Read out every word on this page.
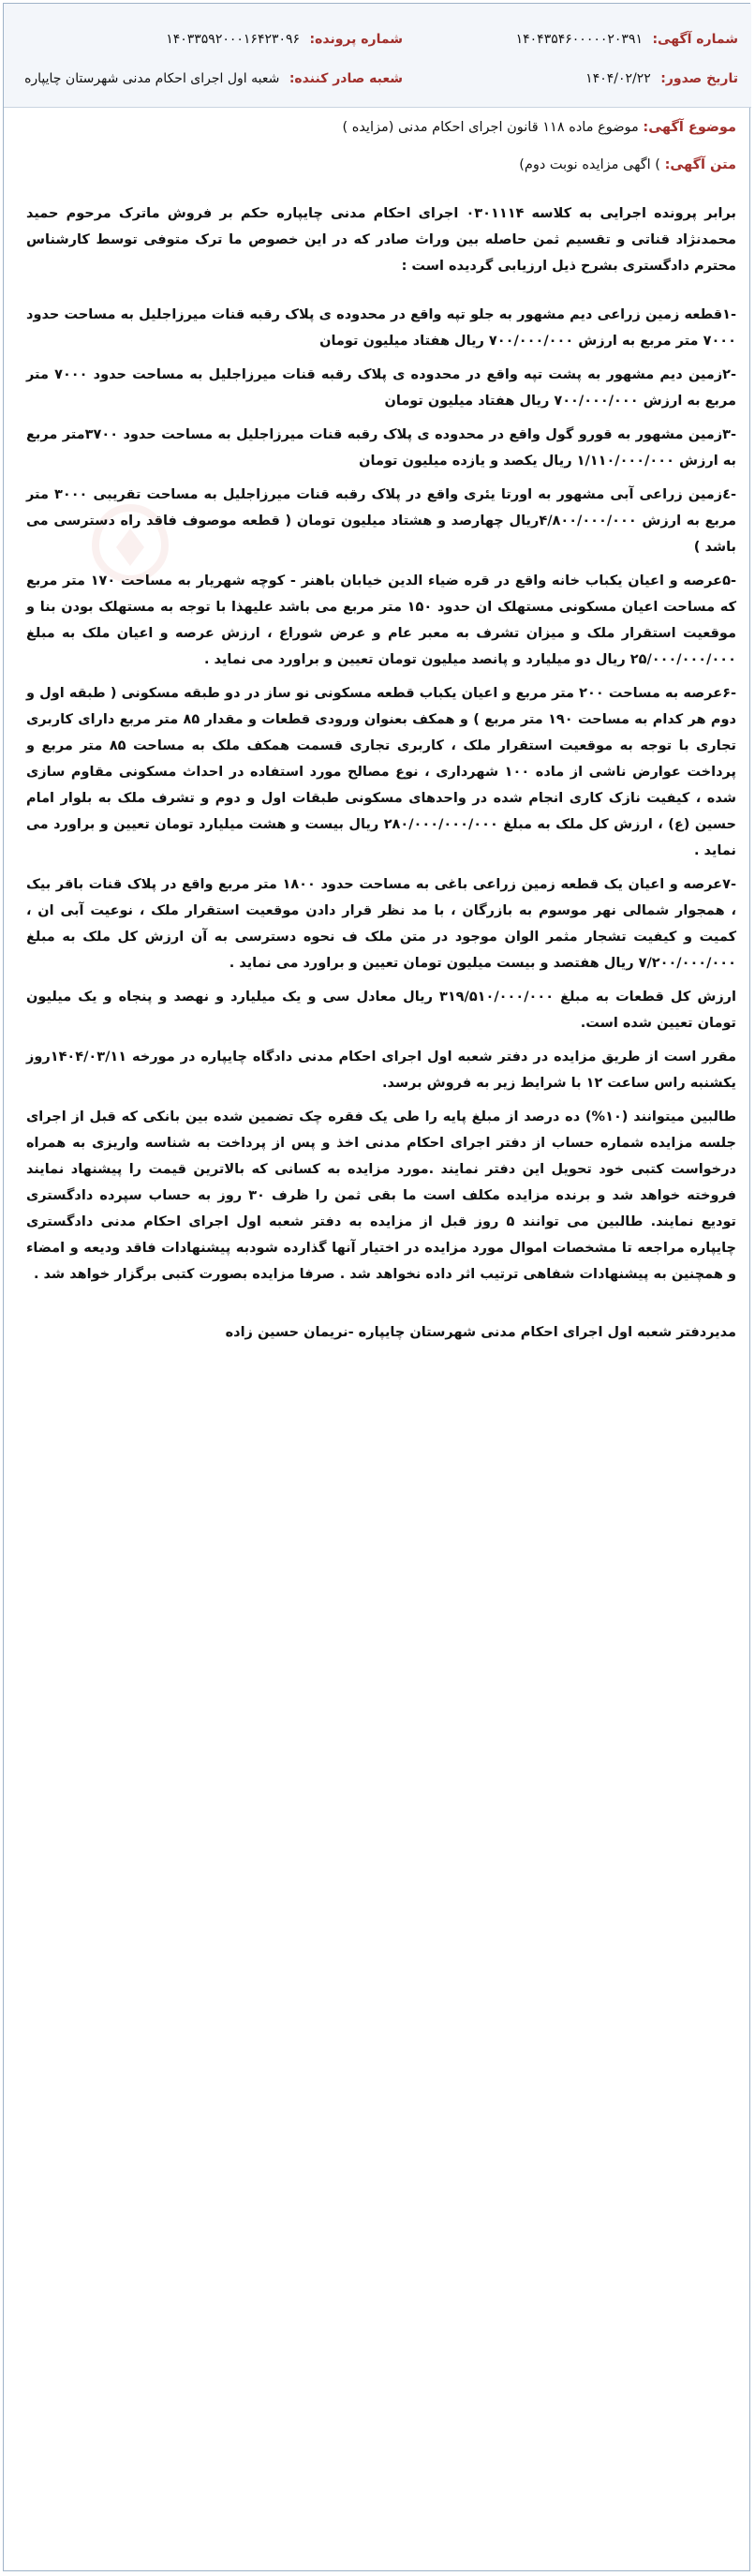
شماره آگهی: ۱۴۰۴۳۵۴۶۰۰۰۰۰۲۰۳۹۱
تاریخ صدور: ۱۴۰۴/۰۲/۲۲
شماره پرونده: ۱۴۰۳۳۵۹۲۰۰۰۱۶۴۲۳۰۹۶
شعبه صادر کننده: شعبه اول اجرای احکام مدنی شهرستان چایپاره
موضوع آگهی: موضوع ماده ۱۱۸ قانون اجرای احکام مدنی (مزایده )
متن آگهی: ) اگهی مزایده نوبت دوم)

برابر پرونده اجرایی به کلاسه ۰۳۰۱۱۱۴ اجرای احکام مدنی چایپاره حکم بر فروش ماترک مرحوم حمید محمدنژاد قناتی و تقسیم ثمن حاصله بین وراث صادر که در این خصوص ما ترک متوفی توسط کارشناس محترم دادگستری بشرح ذیل ارزیابی گردیده است :

-۱قطعه زمین زراعی دیم مشهور به جلو تپه واقع در محدوده ی پلاک رقبه قنات میرزاجلیل به مساحت حدود ۷۰۰۰ متر مربع به ارزش ۷۰۰/۰۰۰/۰۰۰ ریال هفتاد میلیون تومان

-۲زمین دیم مشهور به پشت تپه واقع در محدوده ی پلاک رقبه قنات میرزاجلیل به مساحت حدود ۷۰۰۰ متر مربع به ارزش ۷۰۰/۰۰۰/۰۰۰ ریال هفتاد میلیون تومان

-۳زمین مشهور به قورو گول واقع در محدوده ی پلاک رقبه قنات میرزاجلیل به مساحت حدود ۳۷۰۰متر مربع به ارزش ۱/۱۱۰/۰۰۰/۰۰۰ ریال یکصد و یازده میلیون تومان

-٤زمین زراعی آبی مشهور به اورتا یئری واقع در پلاک رقبه قنات میرزاجلیل به مساحت تقریبی ۳۰۰۰ متر مربع به ارزش ۴/۸۰۰/۰۰۰/۰۰۰ریال چهارصد و هشتاد میلیون تومان ( قطعه موصوف فاقد راه دسترسی می باشد )

-۵عرصه و اعیان یکباب خانه واقع در قره ضیاء الدین خیابان باهنر - کوچه شهریار به مساحت ۱۷۰ متر مربع که مساحت اعیان مسکونی مستهلک ان حدود ۱۵۰ متر مربع می باشد علیهذا با توجه به مستهلک بودن بنا و موقعیت استقرار ملک و میزان تشرف به معبر عام و عرض شوراع ، ارزش عرصه و اعیان ملک به مبلغ ۲۵/۰۰۰/۰۰۰/۰۰۰ ریال دو میلیارد و پانصد میلیون تومان تعیین و براورد می نماید .

-۶عرصه به مساحت ۲۰۰ متر مربع و اعیان یکباب قطعه مسکونی نو ساز در دو طبقه مسکونی ( طبقه اول و دوم هر کدام به مساحت ۱۹۰ متر مربع ) و همکف بعنوان ورودی قطعات و مقدار ۸۵ متر مربع دارای کاربری تجاری با توجه به موقعیت استقرار ملک ، کاربری تجاری قسمت همکف ملک به مساحت ۸۵ متر مربع و پرداخت عوارض ناشی از ماده ۱۰۰ شهرداری ، نوع مصالح مورد استفاده در احداث مسکونی مقاوم سازی شده ، کیفیت نازک کاری انجام شده در واحدهای مسکونی طبقات اول و دوم و تشرف ملک به بلوار امام حسین (ع) ، ارزش کل ملک به مبلغ ۲۸۰/۰۰۰/۰۰۰/۰۰۰ ریال بیست و هشت میلیارد تومان تعیین و براورد می نماید .

-۷عرصه و اعیان یک قطعه زمین زراعی باغی به مساحت حدود ۱۸۰۰ متر مربع واقع در پلاک قنات باقر بیک ، همجوار شمالی نهر موسوم به بازرگان ، با مد نظر قرار دادن موقعیت استقرار ملک ، نوعیت آبی ان ، کمیت و کیفیت تشجار مثمر الوان موجود در متن ملک ف نحوه دسترسی به آن ارزش کل ملک به مبلغ ۷/۲۰۰/۰۰۰/۰۰۰ ریال هفتصد و بیست میلیون تومان تعیین و براورد می نماید .

ارزش کل قطعات به مبلغ ۳۱۹/۵۱۰/۰۰۰/۰۰۰ ریال معادل سی و یک میلیارد و نهصد و پنجاه و یک میلیون تومان تعیین شده است.

مقرر است از طریق مزایده در دفتر شعبه اول اجرای احکام مدنی دادگاه چایپاره در مورخه ۱۴۰۴/۰۳/۱۱روز یکشنبه راس ساعت ۱۲ با شرایط زیر به فروش برسد.

طالبین میتوانند (۱۰%) ده درصد از مبلغ پایه را طی یک فقره چک تضمین شده بین بانکی که قبل از اجرای جلسه مزایده شماره حساب از دفتر اجرای احکام مدنی اخذ و پس از پرداخت به شناسه واریزی به همراه درخواست کتبی خود تحویل این دفتر نمایند .مورد مزایده به کسانی که بالاترین قیمت را پیشنهاد نمایند فروخته خواهد شد و برنده مزایده مکلف است ما بقی ثمن را ظرف ۳۰ روز به حساب سپرده دادگستری تودیع نمایند. طالبین می توانند ۵ روز قبل از مزایده به دفتر شعبه اول اجرای احکام مدنی دادگستری چایپاره مراجعه تا مشخصات اموال مورد مزایده در اختیار آنها گذارده شودبه پیشنهادات فاقد ودیعه و امضاء و همچنین به پیشنهادات شفاهی ترتیب اثر داده نخواهد شد . صرفا مزایده بصورت کتبی برگزار خواهد شد .

مدیردفتر شعبه اول اجرای احکام مدنی شهرستان چایپاره -نریمان حسین زاده
